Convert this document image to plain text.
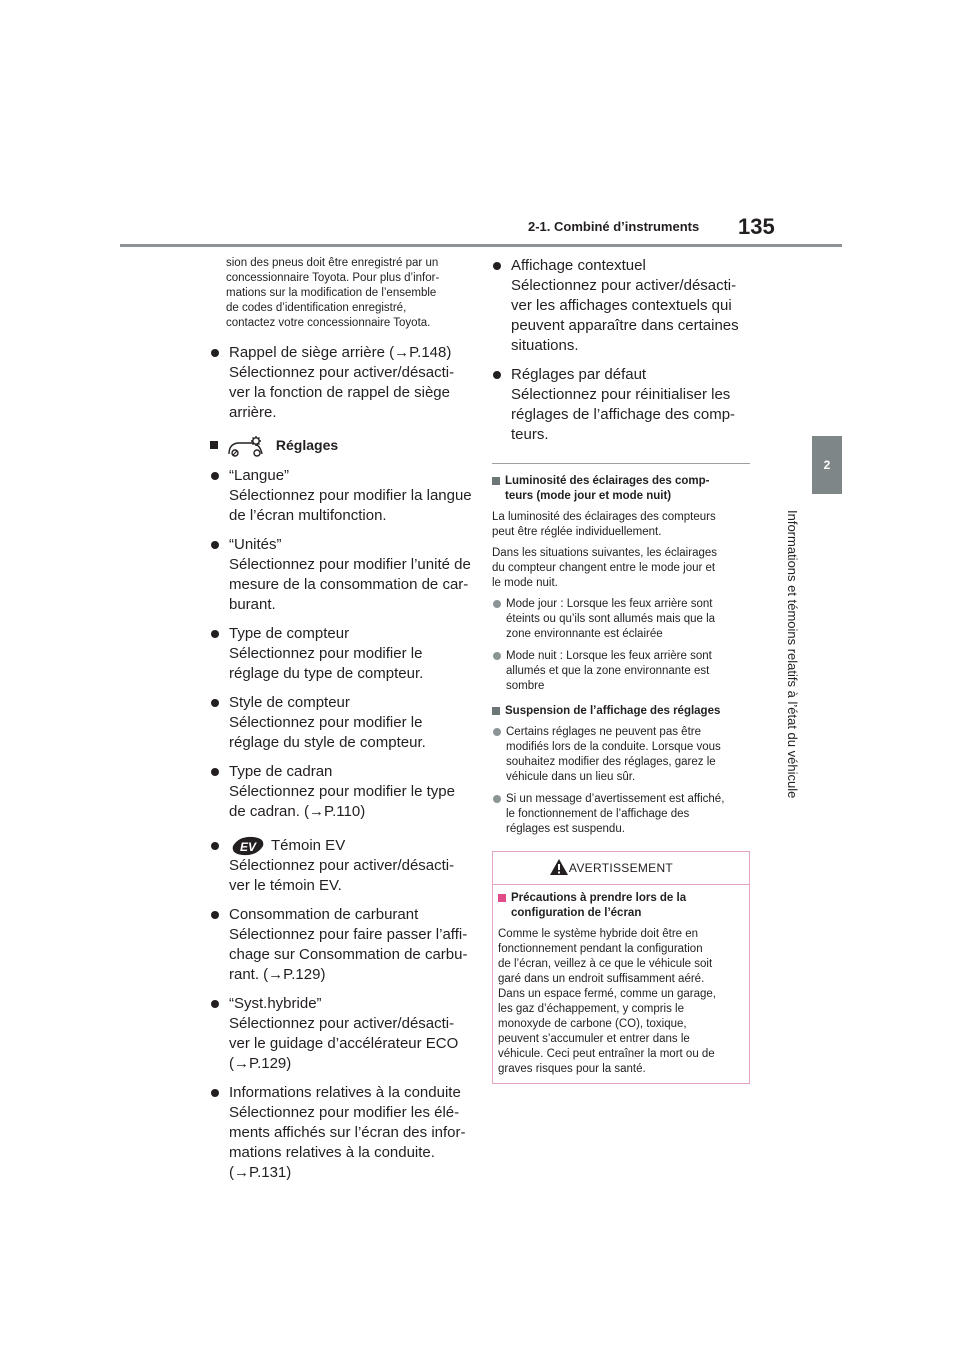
2-1. Combiné d’instruments 135
2
Informations et témoins relatifs à l’état du véhicule
sion des pneus doit être enregistré par un
concessionnaire Toyota. Pour plus d’infor-
mations sur la modification de l’ensemble
de codes d’identification enregistré,
contactez votre concessionnaire Toyota.
Rappel de siège arrière (→P.148)
Sélectionnez pour activer/désacti-
ver la fonction de rappel de siège
arrière.
Réglages
“Langue”
Sélectionnez pour modifier la langue
de l’écran multifonction.
“Unités”
Sélectionnez pour modifier l’unité de
mesure de la consommation de car-
burant.
Type de compteur
Sélectionnez pour modifier le
réglage du type de compteur.
Style de compteur
Sélectionnez pour modifier le
réglage du style de compteur.
Type de cadran
Sélectionnez pour modifier le type
de cadran. (→P.110)
EV Témoin EV
Sélectionnez pour activer/désacti-
ver le témoin EV.
Consommation de carburant
Sélectionnez pour faire passer l’affi-
chage sur Consommation de carbu-
rant. (→P.129)
“Syst.hybride”
Sélectionnez pour activer/désacti-
ver le guidage d’accélérateur ECO
(→P.129)
Informations relatives à la conduite
Sélectionnez pour modifier les élé-
ments affichés sur l’écran des infor-
mations relatives à la conduite.
(→P.131)
Affichage contextuel
Sélectionnez pour activer/désacti-
ver les affichages contextuels qui
peuvent apparaître dans certaines
situations.
Réglages par défaut
Sélectionnez pour réinitialiser les
réglages de l’affichage des comp-
teurs.
Luminosité des éclairages des comp-
teurs (mode jour et mode nuit)
La luminosité des éclairages des compteurs
peut être réglée individuellement.
Dans les situations suivantes, les éclairages
du compteur changent entre le mode jour et
le mode nuit.
Mode jour : Lorsque les feux arrière sont
éteints ou qu’ils sont allumés mais que la
zone environnante est éclairée
Mode nuit : Lorsque les feux arrière sont
allumés et que la zone environnante est
sombre
Suspension de l’affichage des réglages
Certains réglages ne peuvent pas être
modifiés lors de la conduite. Lorsque vous
souhaitez modifier des réglages, garez le
véhicule dans un lieu sûr.
Si un message d’avertissement est affiché,
le fonctionnement de l’affichage des
réglages est suspendu.
AVERTISSEMENT
Précautions à prendre lors de la
configuration de l’écran
Comme le système hybride doit être en
fonctionnement pendant la configuration
de l’écran, veillez à ce que le véhicule soit
garé dans un endroit suffisamment aéré.
Dans un espace fermé, comme un garage,
les gaz d’échappement, y compris le
monoxyde de carbone (CO), toxique,
peuvent s’accumuler et entrer dans le
véhicule. Ceci peut entraîner la mort ou de
graves risques pour la santé.
